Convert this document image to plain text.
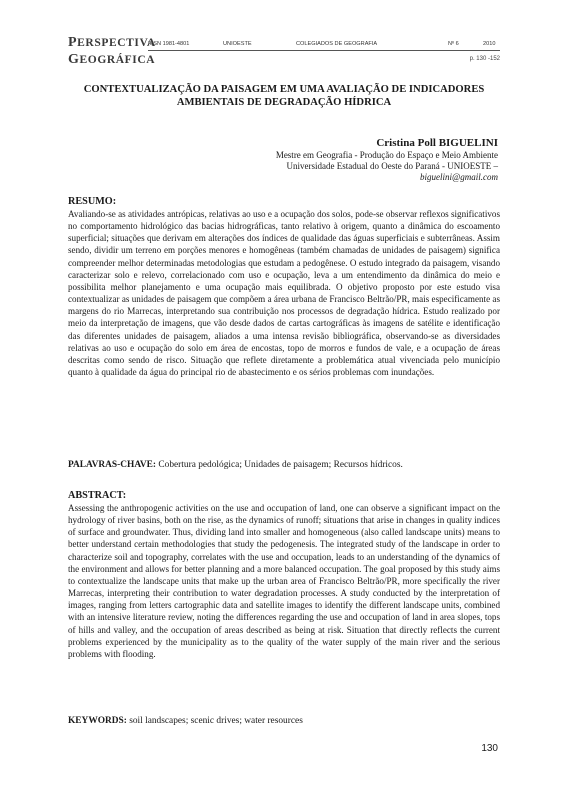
PERSPECTIVA
ISSN 1981-4801	UNIOESTE	COLEGIADOS DE GEOGRAFIA	Nº 6	2010
GEOGRÁFICA	p. 130 -152
CONTEXTUALIZAÇÃO DA PAISAGEM EM UMA AVALIAÇÃO DE INDICADORES AMBIENTAIS DE DEGRADAÇÃO HÍDRICA
Cristina Poll BIGUELINI
Mestre em Geografia - Produção do Espaço e Meio Ambiente
Universidade Estadual do Oeste do Paraná - UNIOESTE –
biguelini@gmail.com
RESUMO:
Avaliando-se as atividades antrópicas, relativas ao uso e a ocupação dos solos, pode-se observar reflexos significativos no comportamento hidrológico das bacias hidrográficas, tanto relativo à origem, quanto a dinâmica do escoamento superficial; situações que derivam em alterações dos índices de qualidade das águas superficiais e subterrâneas. Assim sendo, dividir um terreno em porções menores e homogêneas (também chamadas de unidades de paisagem) significa compreender melhor determinadas metodologias que estudam a pedogênese. O estudo integrado da paisagem, visando caracterizar solo e relevo, correlacionado com uso e ocupação, leva a um entendimento da dinâmica do meio e possibilita melhor planejamento e uma ocupação mais equilibrada. O objetivo proposto por este estudo visa contextualizar as unidades de paisagem que compõem a área urbana de Francisco Beltrão/PR, mais especificamente as margens do rio Marrecas, interpretando sua contribuição nos processos de degradação hídrica. Estudo realizado por meio da interpretação de imagens, que vão desde dados de cartas cartográficas às imagens de satélite e identificação das diferentes unidades de paisagem, aliados a uma intensa revisão bibliográfica, observando-se as diversidades relativas ao uso e ocupação do solo em área de encostas, topo de morros e fundos de vale, e a ocupação de áreas descritas como sendo de risco. Situação que reflete diretamente a problemática atual vivenciada pelo município quanto à qualidade da água do principal rio de abastecimento e os sérios problemas com inundações.
PALAVRAS-CHAVE: Cobertura pedológica; Unidades de paisagem; Recursos hídricos.
ABSTRACT:
Assessing the anthropogenic activities on the use and occupation of land, one can observe a significant impact on the hydrology of river basins, both on the rise, as the dynamics of runoff; situations that arise in changes in quality indices of surface and groundwater. Thus, dividing land into smaller and homogeneous (also called landscape units) means to better understand certain methodologies that study the pedogenesis. The integrated study of the landscape in order to characterize soil and topography, correlates with the use and occupation, leads to an understanding of the dynamics of the environment and allows for better planning and a more balanced occupation. The goal proposed by this study aims to contextualize the landscape units that make up the urban area of Francisco Beltrão/PR, more specifically the river Marrecas, interpreting their contribution to water degradation processes. A study conducted by the interpretation of images, ranging from letters cartographic data and satellite images to identify the different landscape units, combined with an intensive literature review, noting the differences regarding the use and occupation of land in area slopes, tops of hills and valley, and the occupation of areas described as being at risk. Situation that directly reflects the current problems experienced by the municipality as to the quality of the water supply of the main river and the serious problems with flooding.
KEYWORDS: soil landscapes; scenic drives; water resources
130
